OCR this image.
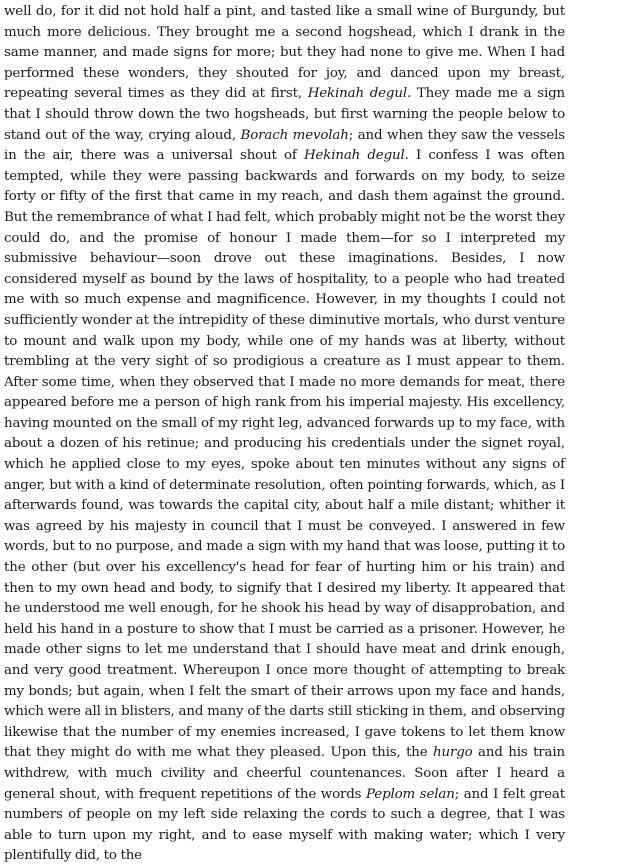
well do, for it did not hold half a pint, and tasted like a small wine of Burgundy, but much more delicious. They brought me a second hogshead, which I drank in the same manner, and made signs for more; but they had none to give me. When I had performed these wonders, they shouted for joy, and danced upon my breast, repeating several times as they did at first, Hekinah degul. They made me a sign that I should throw down the two hogsheads, but first warning the people below to stand out of the way, crying aloud, Borach mevolah; and when they saw the vessels in the air, there was a universal shout of Hekinah degul. I confess I was often tempted, while they were passing backwards and forwards on my body, to seize forty or fifty of the first that came in my reach, and dash them against the ground. But the remembrance of what I had felt, which probably might not be the worst they could do, and the promise of honour I made them—for so I interpreted my submissive behaviour—soon drove out these imaginations. Besides, I now considered myself as bound by the laws of hospitality, to a people who had treated me with so much expense and magnificence. However, in my thoughts I could not sufficiently wonder at the intrepidity of these diminutive mortals, who durst venture to mount and walk upon my body, while one of my hands was at liberty, without trembling at the very sight of so prodigious a creature as I must appear to them. After some time, when they observed that I made no more demands for meat, there appeared before me a person of high rank from his imperial majesty. His excellency, having mounted on the small of my right leg, advanced forwards up to my face, with about a dozen of his retinue; and producing his credentials under the signet royal, which he applied close to my eyes, spoke about ten minutes without any signs of anger, but with a kind of determinate resolution, often pointing forwards, which, as I afterwards found, was towards the capital city, about half a mile distant; whither it was agreed by his majesty in council that I must be conveyed. I answered in few words, but to no purpose, and made a sign with my hand that was loose, putting it to the other (but over his excellency's head for fear of hurting him or his train) and then to my own head and body, to signify that I desired my liberty. It appeared that he understood me well enough, for he shook his head by way of disapprobation, and held his hand in a posture to show that I must be carried as a prisoner. However, he made other signs to let me understand that I should have meat and drink enough, and very good treatment. Whereupon I once more thought of attempting to break my bonds; but again, when I felt the smart of their arrows upon my face and hands, which were all in blisters, and many of the darts still sticking in them, and observing likewise that the number of my enemies increased, I gave tokens to let them know that they might do with me what they pleased. Upon this, the hurgo and his train withdrew, with much civility and cheerful countenances. Soon after I heard a general shout, with frequent repetitions of the words Peplom selan; and I felt great numbers of people on my left side relaxing the cords to such a degree, that I was able to turn upon my right, and to ease myself with making water; which I very plentifully did, to the
